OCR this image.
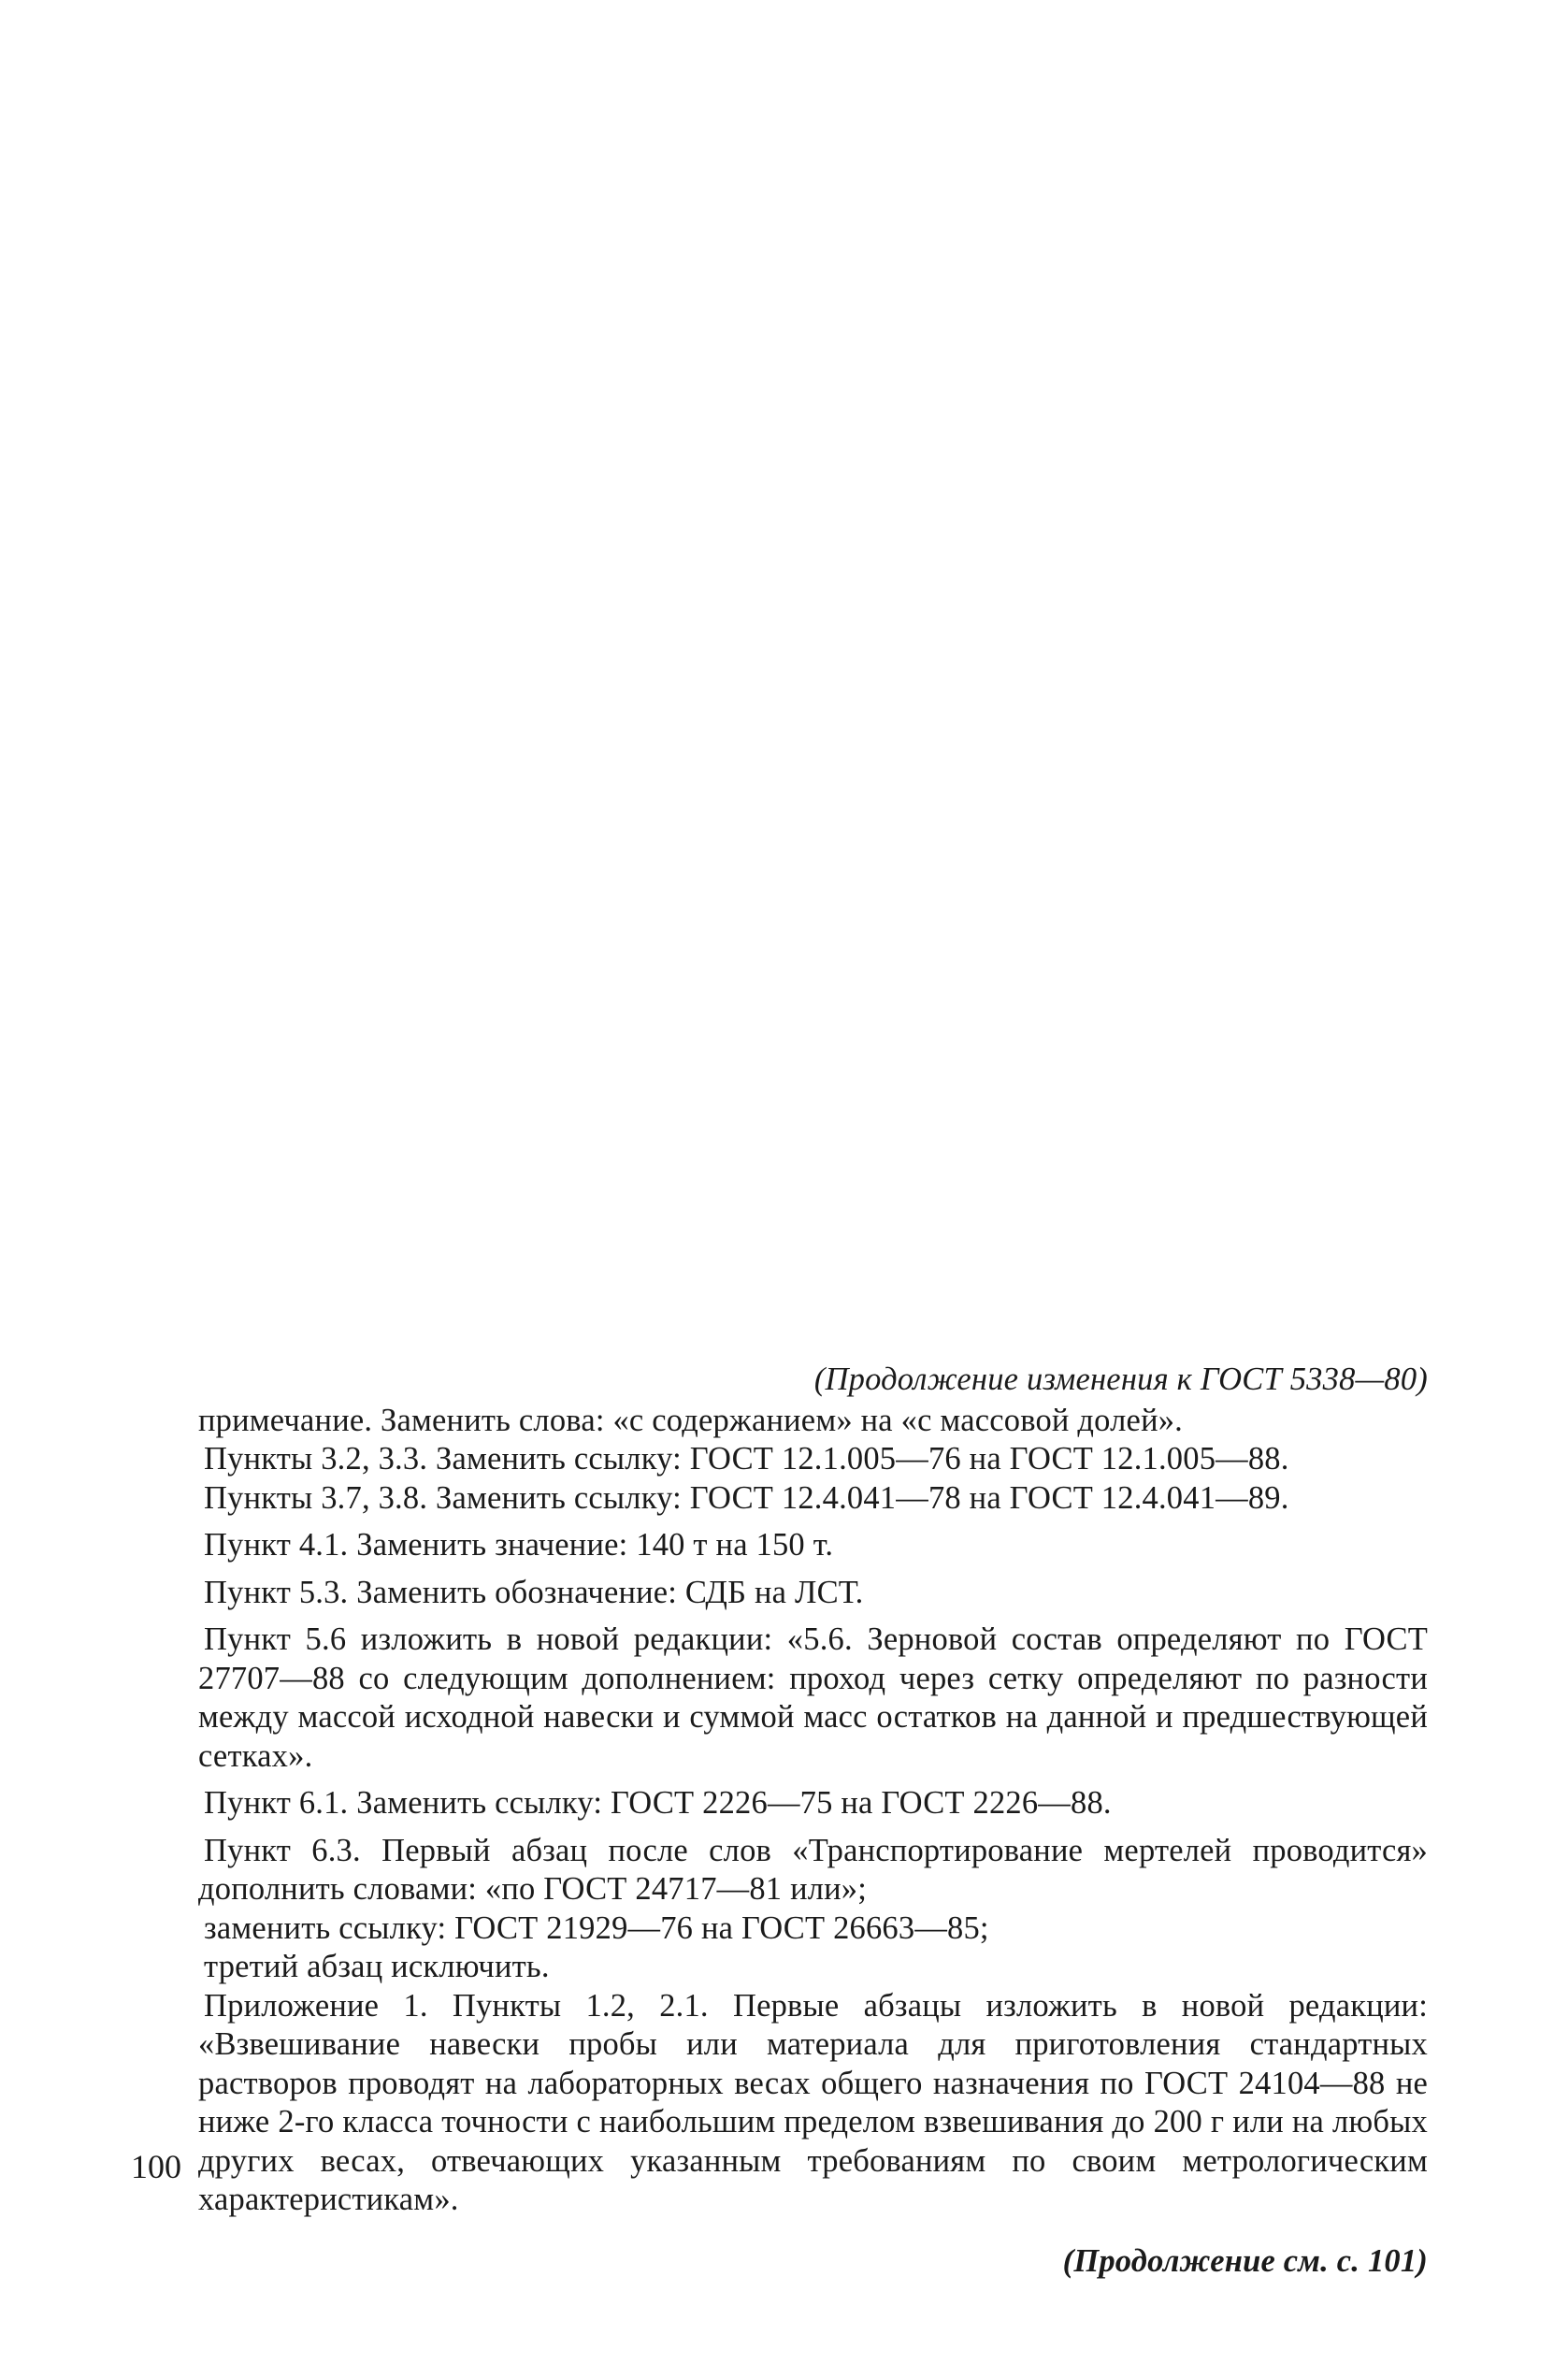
(Продолжение изменения к ГОСТ 5338—80)

примечание. Заменить слова: «с содержанием» на «с массовой долей».

Пункты 3.2, 3.3. Заменить ссылку: ГОСТ 12.1.005—76 на ГОСТ 12.1.005—88.

Пункты 3.7, 3.8. Заменить ссылку: ГОСТ 12.4.041—78 на ГОСТ 12.4.041—89.

Пункт 4.1. Заменить значение: 140 т на 150 т.

Пункт 5.3. Заменить обозначение: СДБ на ЛСТ.

Пункт 5.6 изложить в новой редакции: «5.6. Зерновой состав определяют по ГОСТ 27707—88 со следующим дополнением: проход через сетку определяют по разности между массой исходной навески и суммой масс остатков на данной и предшествующей сетках».

Пункт 6.1. Заменить ссылку: ГОСТ 2226—75 на ГОСТ 2226—88.

Пункт 6.3. Первый абзац после слов «Транспортирование мертелей проводится» дополнить словами: «по ГОСТ 24717—81 или»;

заменить ссылку: ГОСТ 21929—76 на ГОСТ 26663—85;

третий абзац исключить.

Приложение 1. Пункты 1.2, 2.1. Первые абзацы изложить в новой редакции: «Взвешивание навески пробы или материала для приготовления стандартных растворов проводят на лабораторных весах общего назначения по ГОСТ 24104—88 не ниже 2-го класса точности с наибольшим пределом взвешивания до 200 г или на любых других весах, отвечающих указанным требованиям по своим метрологическим характеристикам».

(Продолжение см. с. 101)
100
